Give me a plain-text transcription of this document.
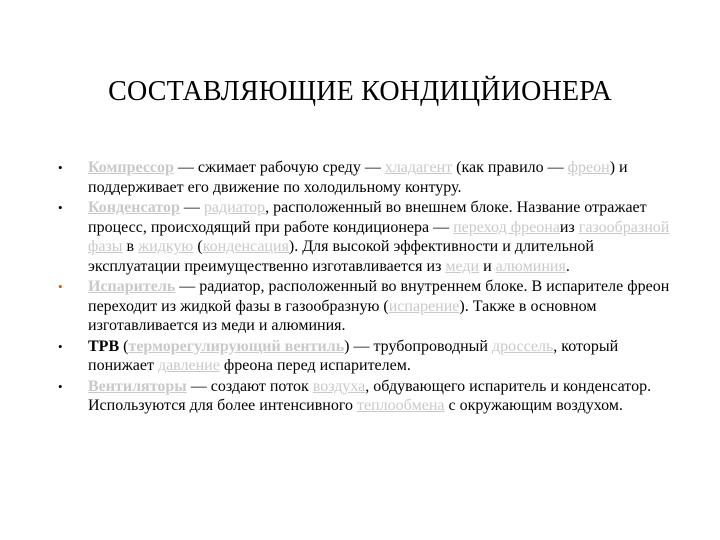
СОСТАВЛЯЮЩИЕ КОНДИЦЙИОНЕРА
•	Компрессор — сжимает рабочую среду — хладагент (как правило — фреон) и поддерживает его движение по холодильному контуру.
•	Конденсатор — радиатор, расположенный во внешнем блоке. Название отражает процесс, происходящий при работе кондиционера — переход фреонаиз газообразной фазы в жидкую (конденсация). Для высокой эффективности и длительной эксплуатации преимущественно изготавливается из меди и алюминия.
•	Испаритель — радиатор, расположенный во внутреннем блоке. В испарителе фреон переходит из жидкой фазы в газообразную (испарение). Также в основном изготавливается из меди и алюминия.
•	ТРВ (терморегулирующий вентиль) — трубопроводный дроссель, который понижает давление фреона перед испарителем.
•	Вентиляторы — создают поток воздуха, обдувающего испаритель и конденсатор. Используются для более интенсивного теплообмена с окружающим воздухом.
